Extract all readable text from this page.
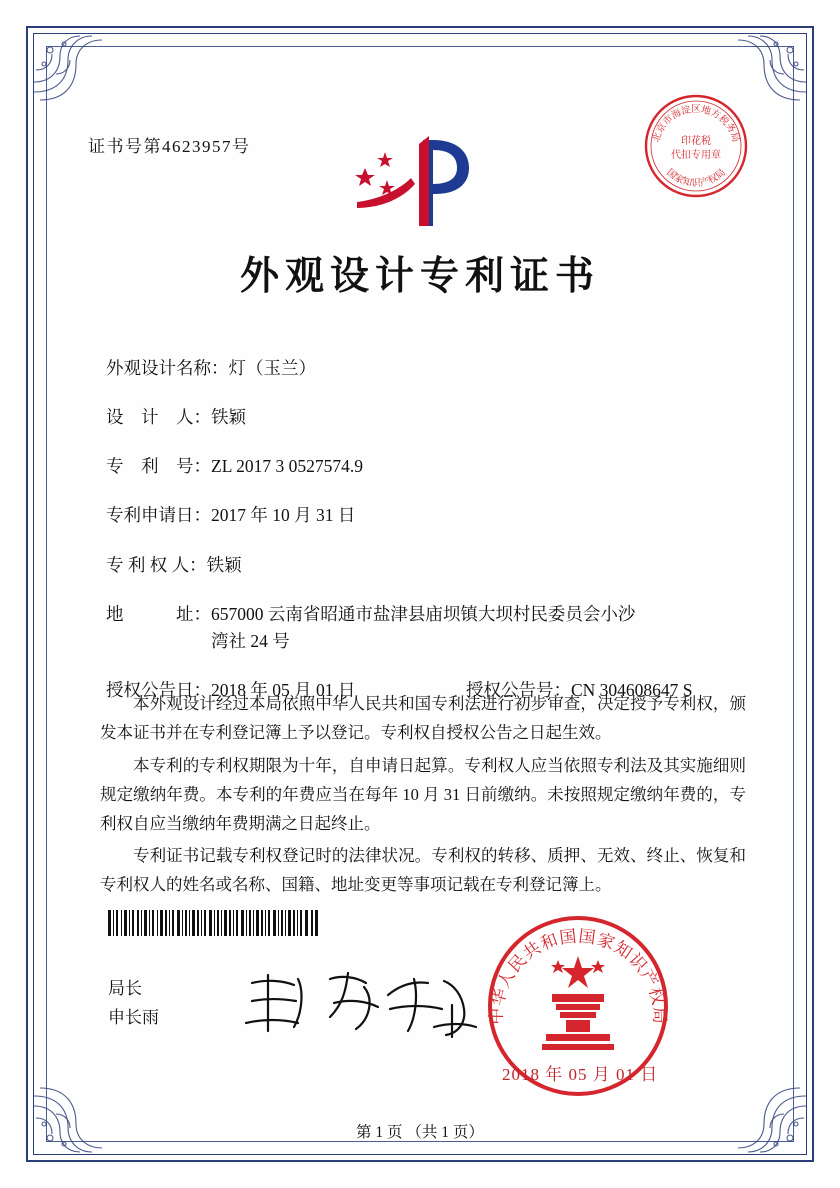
证书号第4623957号	北京市海淀区地方税务局
国家知识产权局
印花税
代扣专用章
外观设计专利证书
外观设计名称： 灯（玉兰）
设　计　人： 铁颖
专　利　号： ZL 2017 3 0527574.9
专利申请日： 2017 年 10 月 31 日
专 利 权 人： 铁颖
地　　　址： 657000 云南省昭通市盐津县庙坝镇大坝村民委员会小沙
湾社 24 号
授权公告日：2018 年 05 月 01 日	授权公告号：CN 304608647 S

本外观设计经过本局依照中华人民共和国专利法进行初步审查，决定授予专利权，颁发本证书并在专利登记簿上予以登记。专利权自授权公告之日起生效。

本专利的专利权期限为十年，自申请日起算。专利权人应当依照专利法及其实施细则规定缴纳年费。本专利的年费应当在每年 10 月 31 日前缴纳。未按照规定缴纳年费的，专利权自应当缴纳年费期满之日起终止。

专利证书记载专利权登记时的法律状况。专利权的转移、质押、无效、终止、恢复和专利权人的姓名或名称、国籍、地址变更等事项记载在专利登记簿上。

局长
申长雨	中华人民共和国国家知识产权局
2018 年 05 月 01 日
第 1 页 （共 1 页）
